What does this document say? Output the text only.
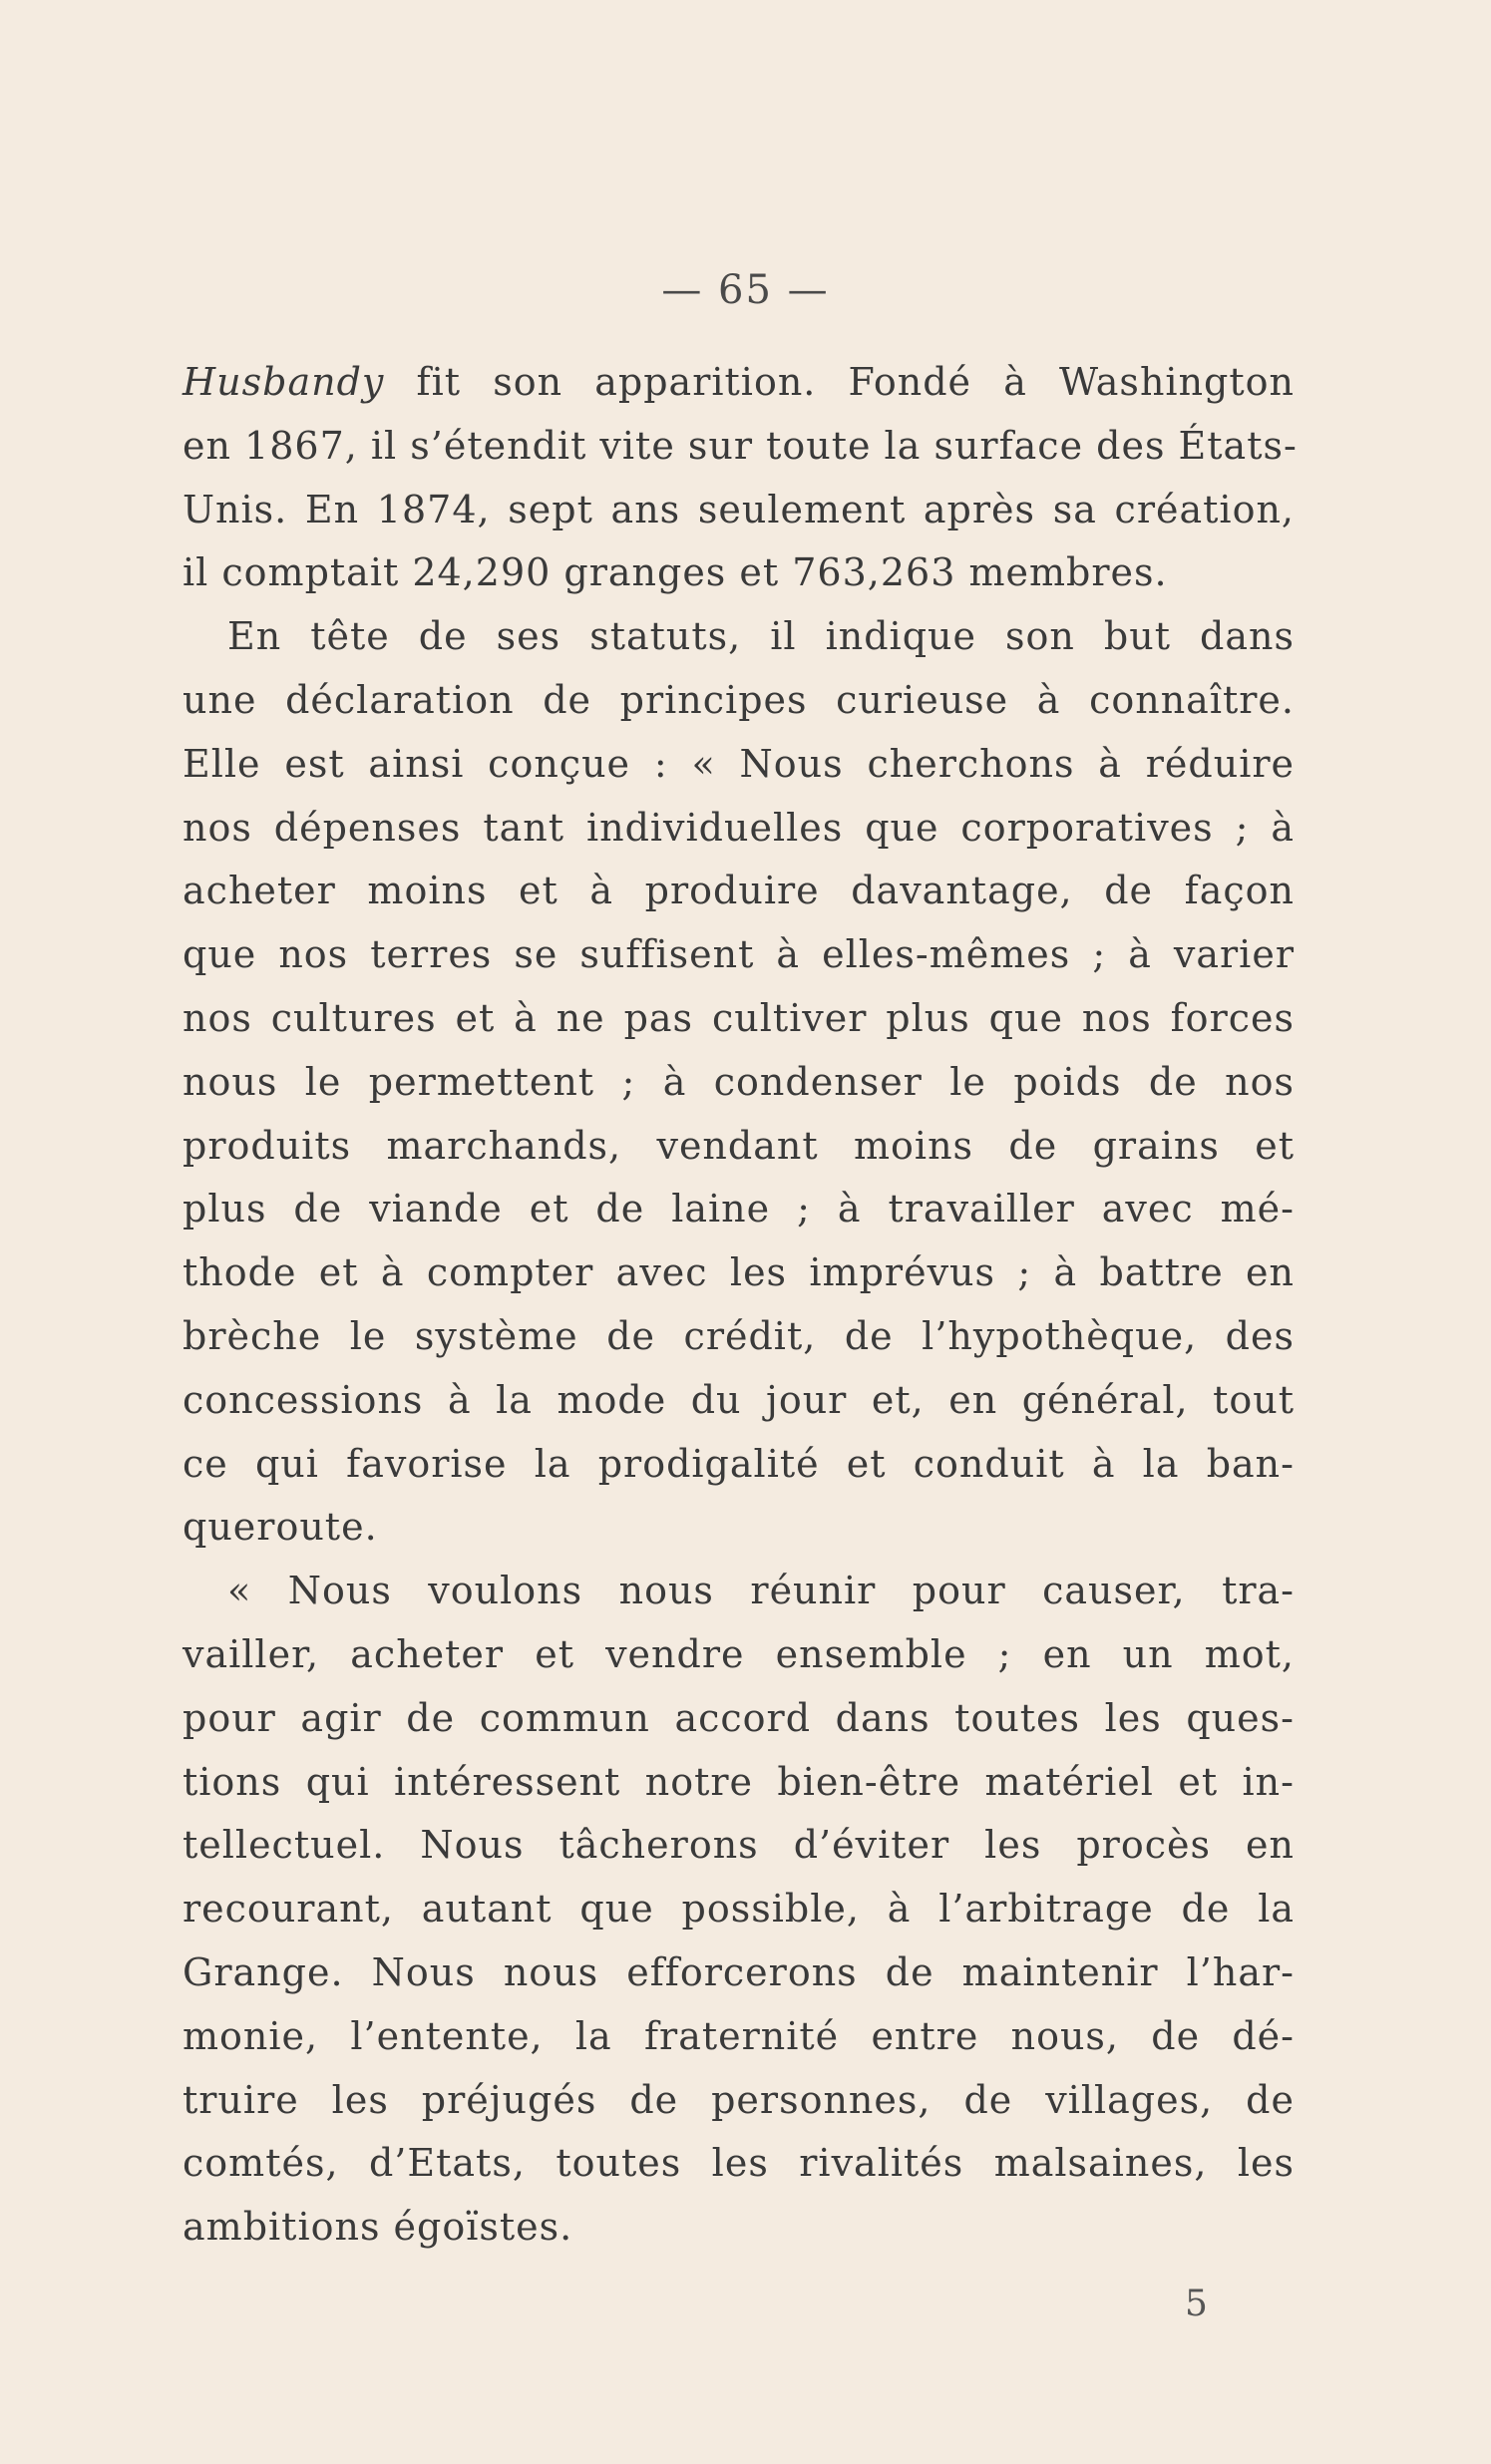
— 65 —
Husbandy fit son apparition. Fondé à Washington
en 1867, il s’étendit vite sur toute la surface des États-
Unis. En 1874, sept ans seulement après sa création,
il comptait 24,290 granges et 763,263 membres.
En tête de ses statuts, il indique son but dans
une déclaration de principes curieuse à connaître.
Elle est ainsi conçue : « Nous cherchons à réduire
nos dépenses tant individuelles que corporatives ; à
acheter moins et à produire davantage, de façon
que nos terres se suffisent à elles-mêmes ; à varier
nos cultures et à ne pas cultiver plus que nos forces
nous le permettent ; à condenser le poids de nos
produits marchands, vendant moins de grains et
plus de viande et de laine ; à travailler avec mé-
thode et à compter avec les imprévus ; à battre en
brèche le système de crédit, de l’hypothèque, des
concessions à la mode du jour et, en général, tout
ce qui favorise la prodigalité et conduit à la ban-
queroute.
« Nous voulons nous réunir pour causer, tra-
vailler, acheter et vendre ensemble ; en un mot,
pour agir de commun accord dans toutes les ques-
tions qui intéressent notre bien-être matériel et in-
tellectuel. Nous tâcherons d’éviter les procès en
recourant, autant que possible, à l’arbitrage de la
Grange. Nous nous efforcerons de maintenir l’har-
monie, l’entente, la fraternité entre nous, de dé-
truire les préjugés de personnes, de villages, de
comtés, d’Etats, toutes les rivalités malsaines, les
ambitions égoïstes.
5
